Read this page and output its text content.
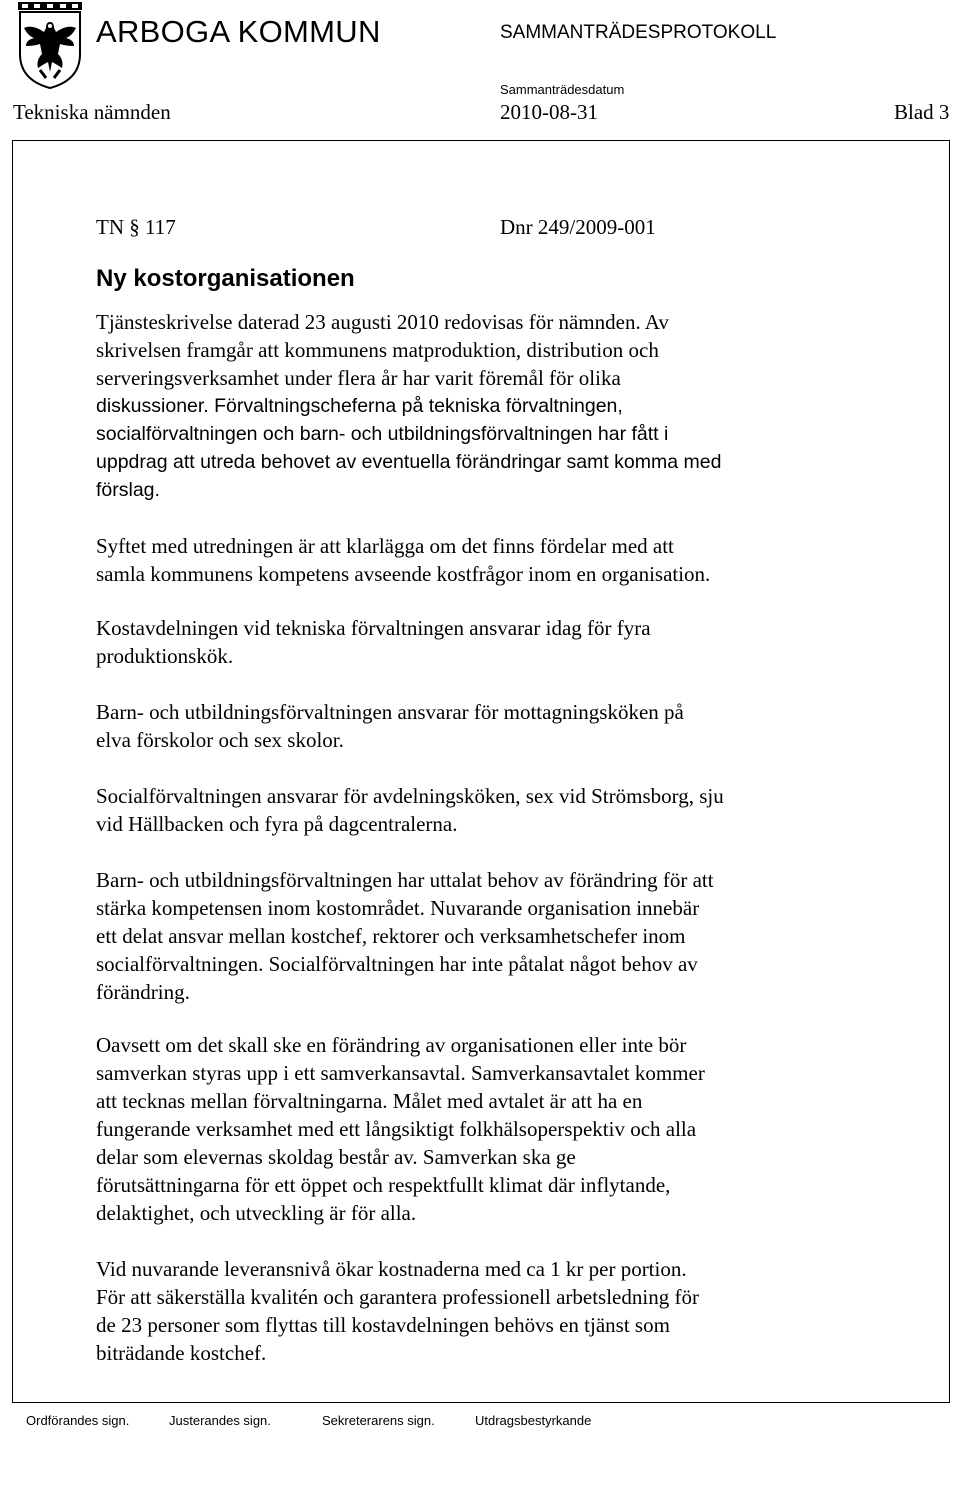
ARBOGA KOMMUN	SAMMANTRÄDESPROTOKOLL
Sammanträdesdatum
Tekniska nämnden	2010-08-31	Blad 3
TN § 117	Dnr 249/2009-001
Ny kostorganisationen
Tjänsteskrivelse daterad 23 augusti 2010 redovisas för nämnden. Av
skrivelsen framgår att kommunens matproduktion, distribution och
serveringsverksamhet under flera år har varit föremål för olika
diskussioner. Förvaltningscheferna på tekniska förvaltningen,
socialförvaltningen och barn- och utbildningsförvaltningen har fått i
uppdrag att utreda behovet av eventuella förändringar samt komma med
förslag.
Syftet med utredningen är att klarlägga om det finns fördelar med att
samla kommunens kompetens avseende kostfrågor inom en organisation.
Kostavdelningen vid tekniska förvaltningen ansvarar idag för fyra
produktionskök.
Barn- och utbildningsförvaltningen ansvarar för mottagningsköken på
elva förskolor och sex skolor.
Socialförvaltningen ansvarar för avdelningsköken, sex vid Strömsborg, sju
vid Hällbacken och fyra på dagcentralerna.
Barn- och utbildningsförvaltningen har uttalat behov av förändring för att
stärka kompetensen inom kostområdet. Nuvarande organisation innebär
ett delat ansvar mellan kostchef, rektorer och verksamhetschefer inom
socialförvaltningen. Socialförvaltningen har inte påtalat något behov av
förändring.
Oavsett om det skall ske en förändring av organisationen eller inte bör
samverkan styras upp i ett samverkansavtal. Samverkansavtalet kommer
att tecknas mellan förvaltningarna. Målet med avtalet är att ha en
fungerande verksamhet med ett långsiktigt folkhälsoperspektiv och alla
delar som elevernas skoldag består av. Samverkan ska ge
förutsättningarna för ett öppet och respektfullt klimat där inflytande,
delaktighet, och utveckling är för alla.
Vid nuvarande leveransnivå ökar kostnaderna med ca 1 kr per portion.
För att säkerställa kvalitén och garantera professionell arbetsledning för
de 23 personer som flyttas till kostavdelningen behövs en tjänst som
biträdande kostchef.
Ordförandes sign.	Justerandes sign.	Sekreterarens sign.	Utdragsbestyrkande
